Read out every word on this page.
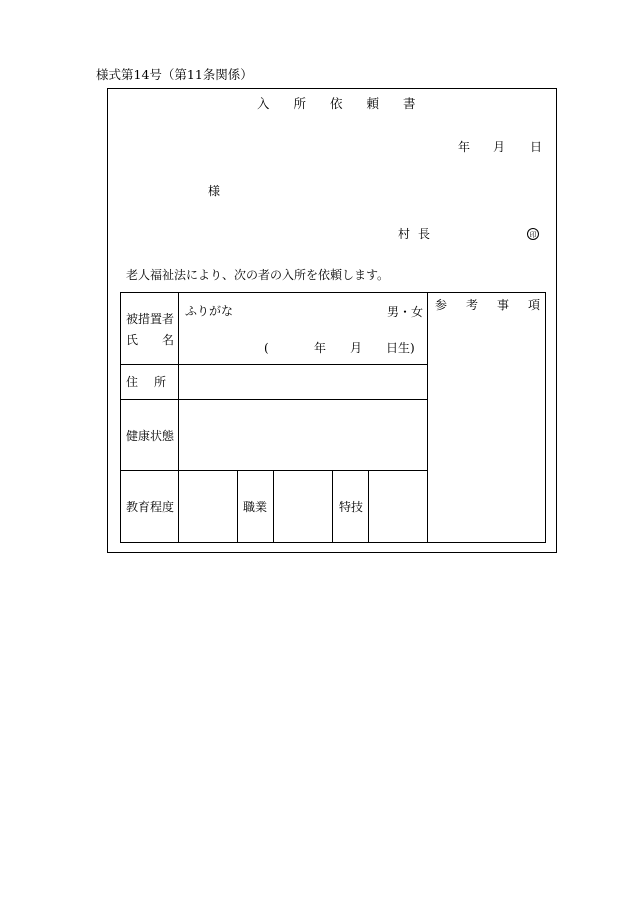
様式第14号（第11条関係）
入所依頼書
年 月 日
様
村長	印
老人福祉法により、次の者の入所を依頼します。
被措置者
氏　　名
ふりがな	男・女
(	年 月 日生)
住所
健康状態
教育程度	職業	特技
参考事項
